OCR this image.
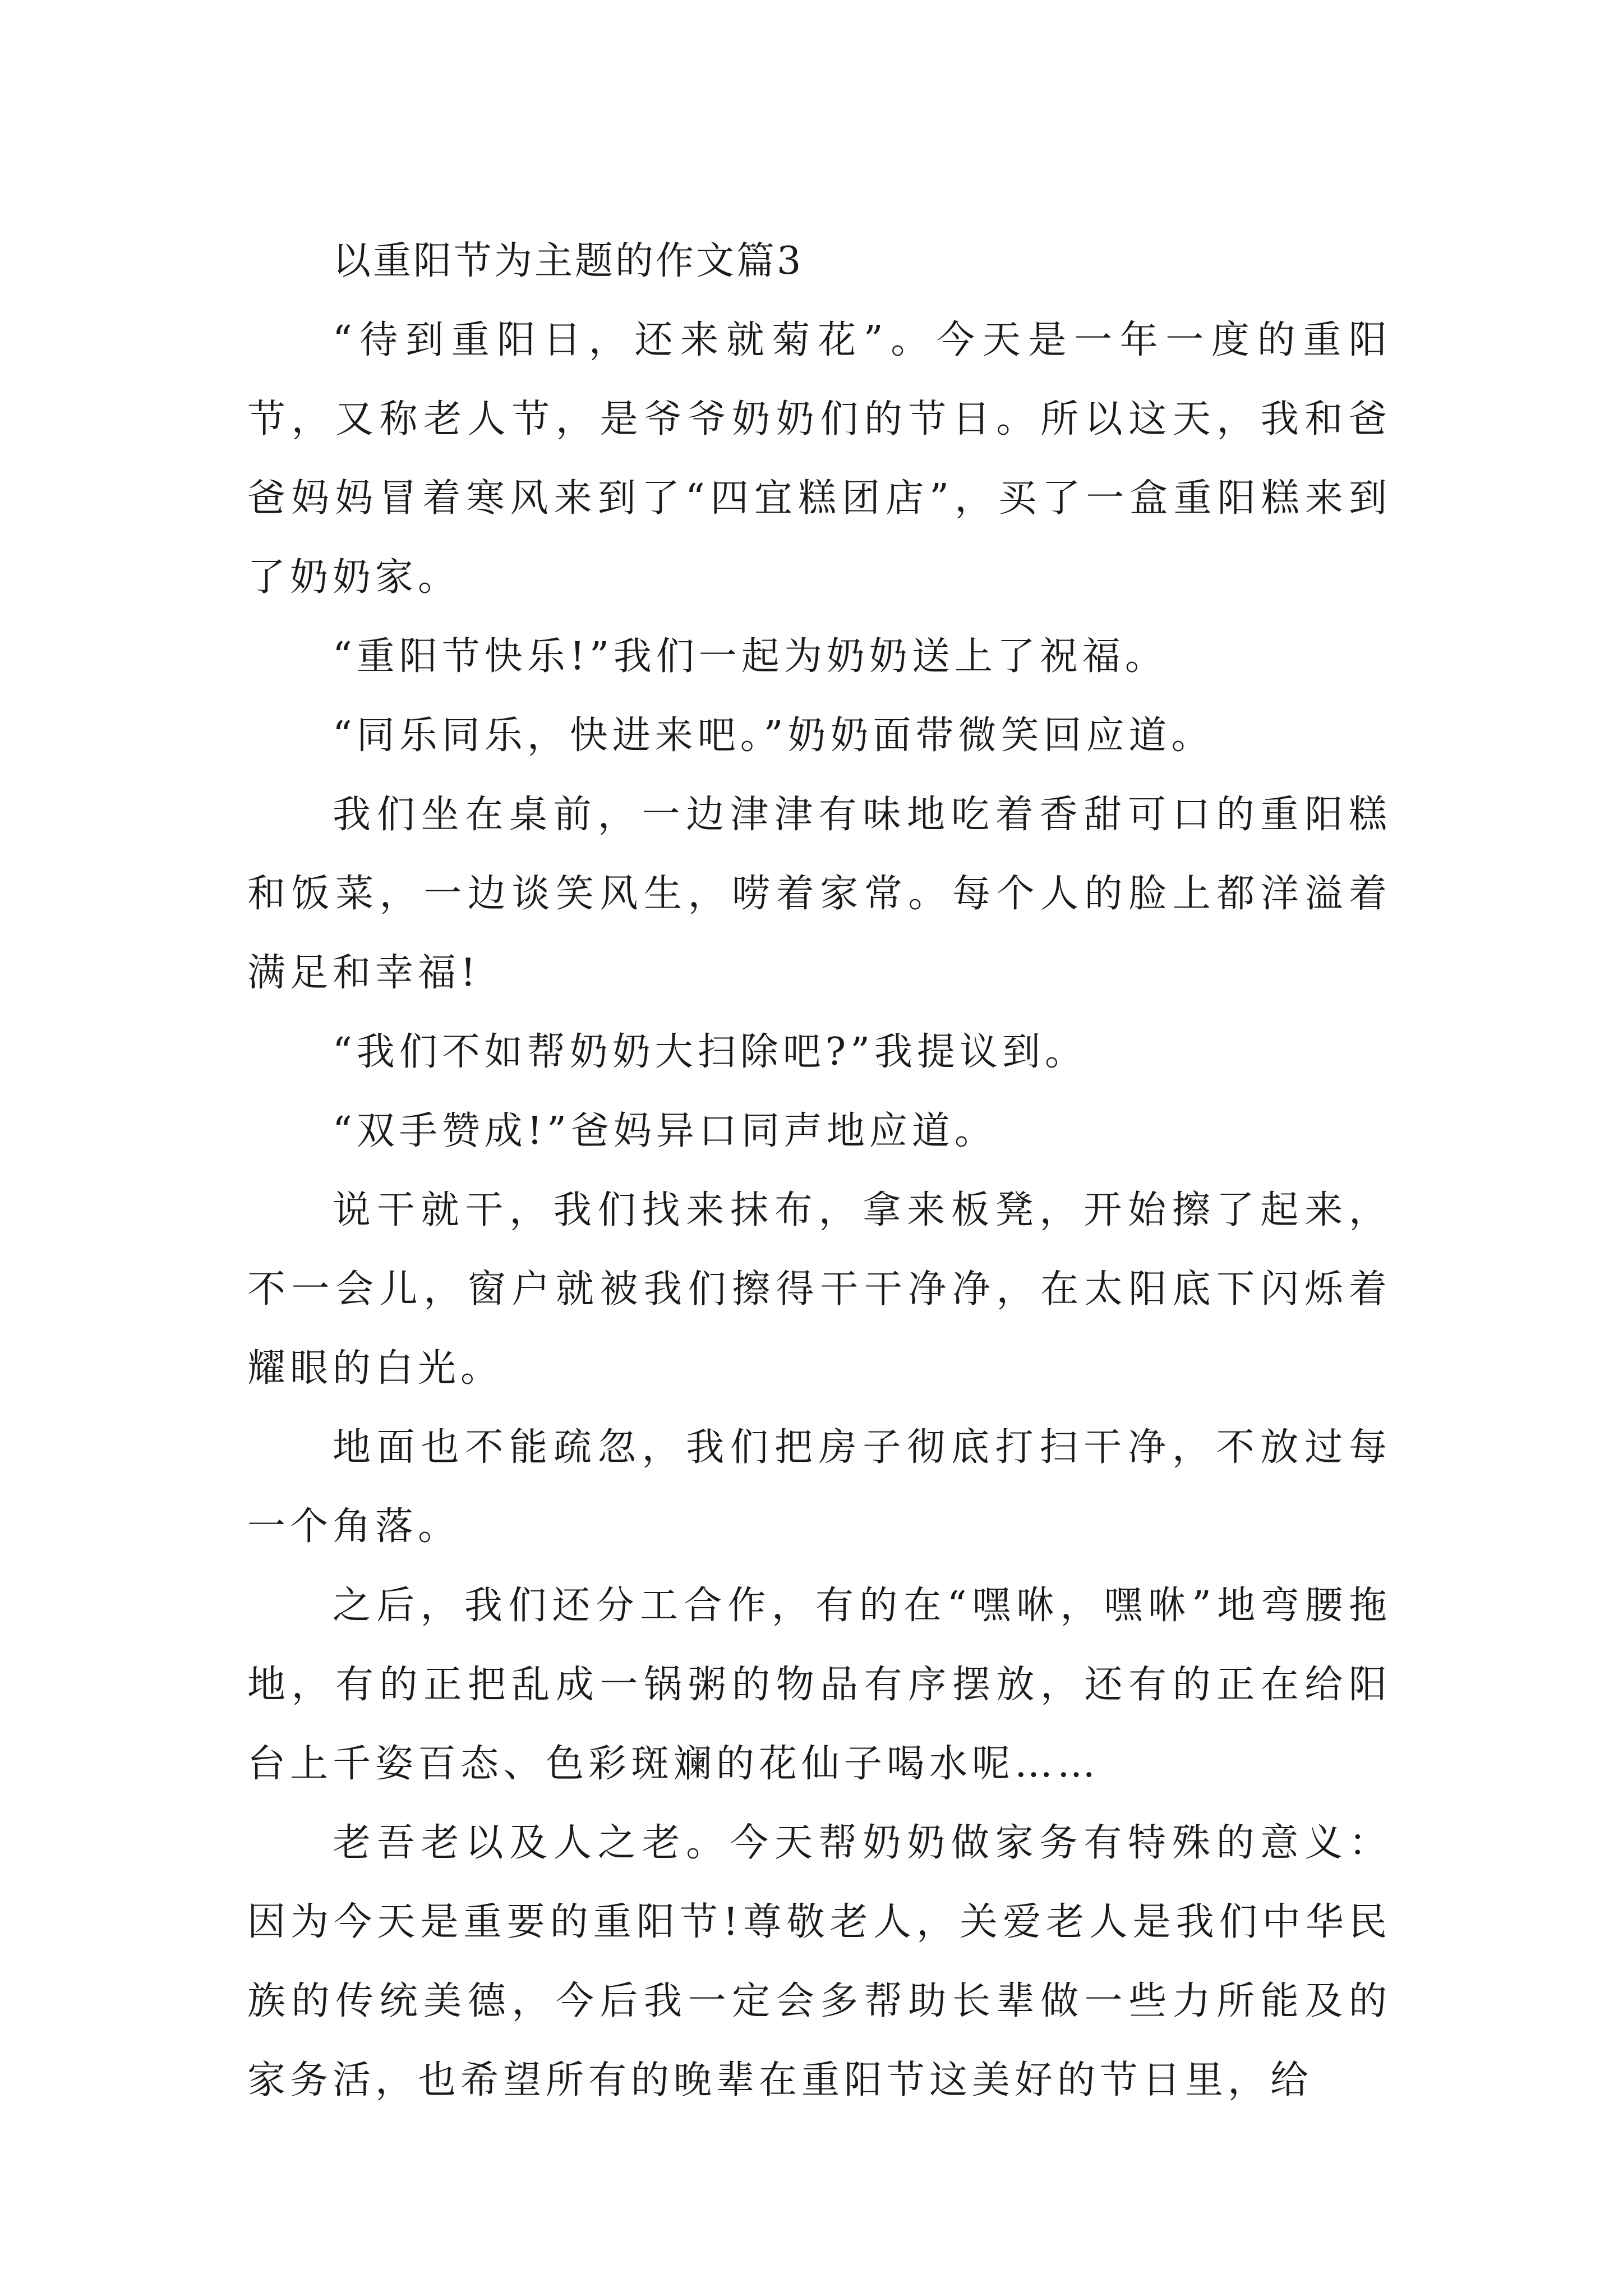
以重阳节为主题的作文篇3

“待到重阳日，还来就菊花”。今天是一年一度的重阳节，又称老人节，是爷爷奶奶们的节日。所以这天，我和爸爸妈妈冒着寒风来到了“四宜糕团店”，买了一盒重阳糕来到了奶奶家。

“重阳节快乐!”我们一起为奶奶送上了祝福。

“同乐同乐，快进来吧。”奶奶面带微笑回应道。

我们坐在桌前，一边津津有味地吃着香甜可口的重阳糕和饭菜，一边谈笑风生，唠着家常。每个人的脸上都洋溢着满足和幸福!

“我们不如帮奶奶大扫除吧?”我提议到。

“双手赞成!”爸妈异口同声地应道。

说干就干，我们找来抹布，拿来板凳，开始擦了起来，不一会儿，窗户就被我们擦得干干净净，在太阳底下闪烁着耀眼的白光。

地面也不能疏忽，我们把房子彻底打扫干净，不放过每一个角落。

之后，我们还分工合作，有的在“嘿咻，嘿咻”地弯腰拖地，有的正把乱成一锅粥的物品有序摆放，还有的正在给阳台上千姿百态、色彩斑斓的花仙子喝水呢……

老吾老以及人之老。今天帮奶奶做家务有特殊的意义：因为今天是重要的重阳节!尊敬老人，关爱老人是我们中华民族的传统美德，今后我一定会多帮助长辈做一些力所能及的家务活，也希望所有的晚辈在重阳节这美好的节日里，给
